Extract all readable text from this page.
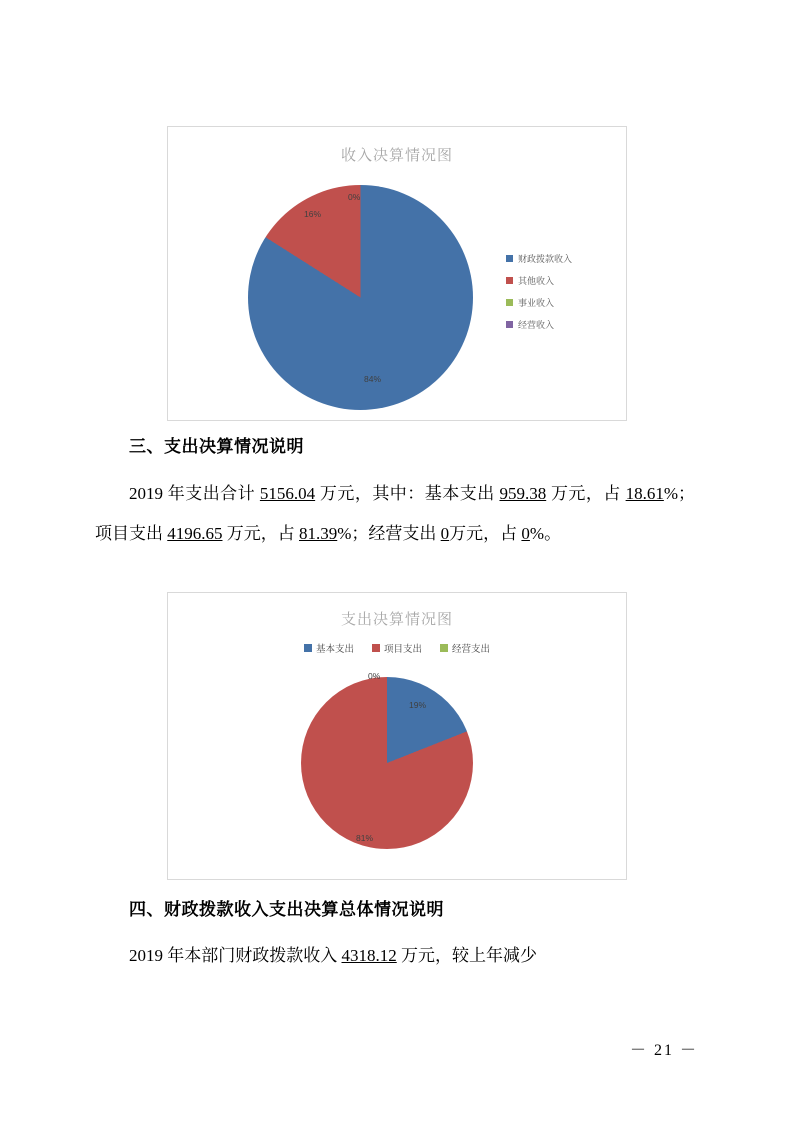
收入决算情况图
16%
0%
84%
财政拨款收入
其他收入
事业收入
经营收入
三、支出决算情况说明

2019 年支出合计 5156.04 万元，其中：基本支出 959.38 万元，占 18.61%；项目支出 4196.65 万元，占 81.39%；经营支出 0万元，占 0%。

支出决算情况图
基本支出	项目支出	经营支出
0%
19%
81%
四、财政拨款收入支出决算总体情况说明

2019 年本部门财政拨款收入 4318.12 万元，较上年减少

－ 21 －
